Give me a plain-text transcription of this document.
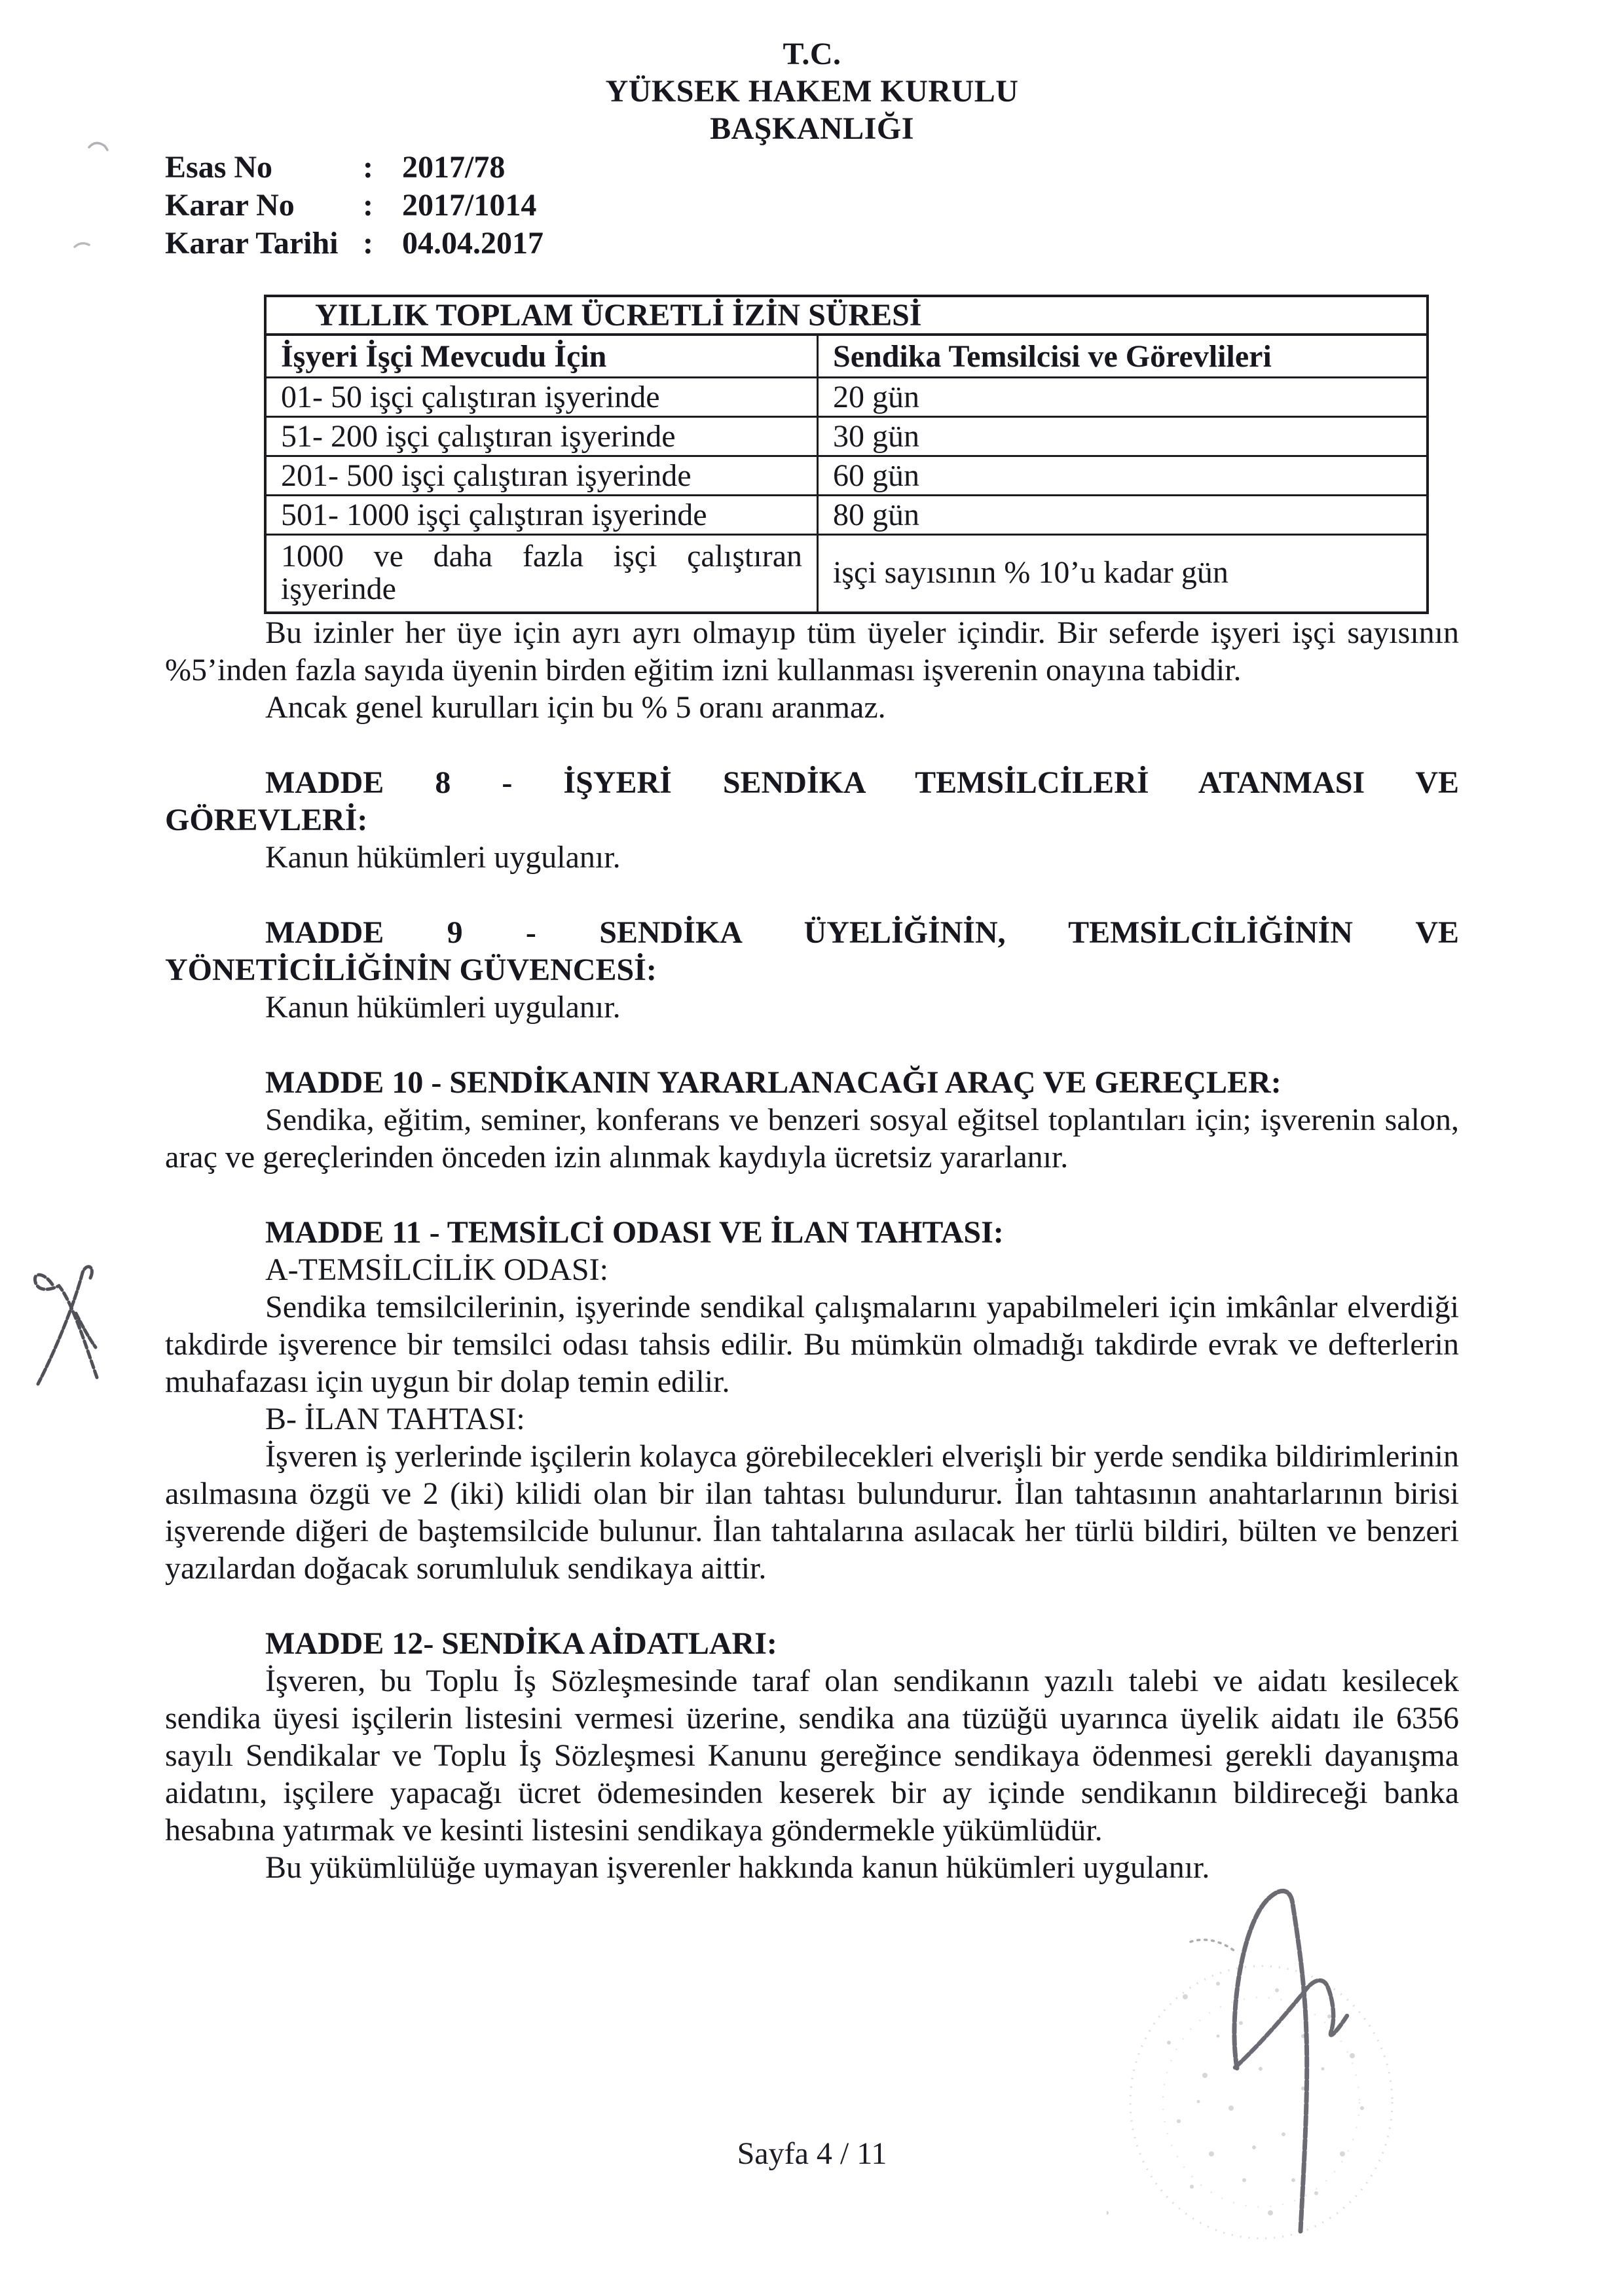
T.C.
YÜKSEK HAKEM KURULU
BAŞKANLIĞI
Esas No	: 2017/78
Karar No	: 2017/1014
Karar Tarihi : 04.04.2017
YILLIK TOPLAM ÜCRETLİ İZİN SÜRESİ	
İşyeri İşçi Mevcudu İçin	Sendika Temsilcisi ve Görevlileri
01- 50 işçi çalıştıran işyerinde	20 gün
51- 200 işçi çalıştıran işyerinde	30 gün
201- 500 işçi çalıştıran işyerinde	60 gün
501- 1000 işçi çalıştıran işyerinde	80 gün
1000 ve daha fazla işçi çalıştıran işyerinde	işçi sayısının % 10’u kadar gün

Bu izinler her üye için ayrı ayrı olmayıp tüm üyeler içindir. Bir seferde işyeri işçi sayısının %5’inden fazla sayıda üyenin birden eğitim izni kullanması işverenin onayına tabidir.

Ancak genel kurulları için bu % 5 oranı aranmaz.

MADDE 8 - İŞYERİ SENDİKA TEMSİLCİLERİ ATANMASI VE
GÖREVLERİ:

Kanun hükümleri uygulanır.

MADDE 9 - SENDİKA ÜYELİĞİNİN, TEMSİLCİLİĞİNİN VE
YÖNETİCİLİĞİNİN GÜVENCESİ:

Kanun hükümleri uygulanır.

MADDE 10 - SENDİKANIN YARARLANACAĞI ARAÇ VE GEREÇLER:

Sendika, eğitim, seminer, konferans ve benzeri sosyal eğitsel toplantıları için; işverenin salon, araç ve gereçlerinden önceden izin alınmak kaydıyla ücretsiz yararlanır.

MADDE 11 - TEMSİLCİ ODASI VE İLAN TAHTASI:

A-TEMSİLCİLİK ODASI:

Sendika temsilcilerinin, işyerinde sendikal çalışmalarını yapabilmeleri için imkânlar elverdiği takdirde işverence bir temsilci odası tahsis edilir. Bu mümkün olmadığı takdirde evrak ve defterlerin muhafazası için uygun bir dolap temin edilir.

B- İLAN TAHTASI:

İşveren iş yerlerinde işçilerin kolayca görebilecekleri elverişli bir yerde sendika bildirimlerinin asılmasına özgü ve 2 (iki) kilidi olan bir ilan tahtası bulundurur. İlan tahtasının anahtarlarının birisi işverende diğeri de baştemsilcide bulunur. İlan tahtalarına asılacak her türlü bildiri, bülten ve benzeri yazılardan doğacak sorumluluk sendikaya aittir.

MADDE 12- SENDİKA AİDATLARI:

İşveren, bu Toplu İş Sözleşmesinde taraf olan sendikanın yazılı talebi ve aidatı kesilecek sendika üyesi işçilerin listesini vermesi üzerine, sendika ana tüzüğü uyarınca üyelik aidatı ile 6356 sayılı Sendikalar ve Toplu İş Sözleşmesi Kanunu gereğince sendikaya ödenmesi gerekli dayanışma aidatını, işçilere yapacağı ücret ödemesinden keserek bir ay içinde sendikanın bildireceği banka hesabına yatırmak ve kesinti listesini sendikaya göndermekle yükümlüdür.

Bu yükümlülüğe uymayan işverenler hakkında kanun hükümleri uygulanır.

Sayfa 4 / 11
